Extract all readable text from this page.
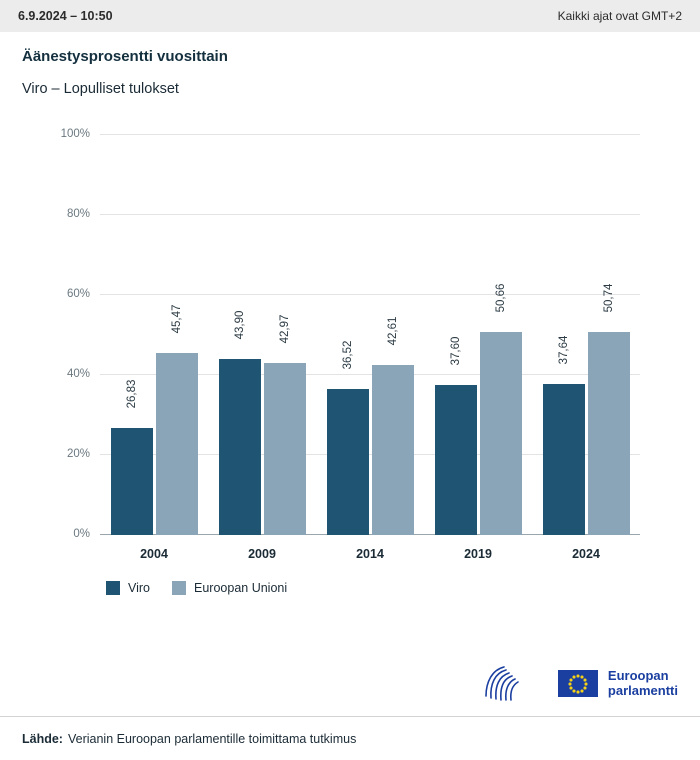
6.9.2024 – 10:50	Kaikki ajat ovat GMT+2
Äänestysprosentti vuosittain
Viro – Lopulliset tulokset
0%
20%
40%
60%
80%
100%
26,83
45,47	43,90	42,97
36,52
42,61
37,60
50,66
37,64
50,74
2004	2009	2014	2019	2024
Viro	Euroopan Unioni
Euroopan
parlamentti
Lähde: Verianin Euroopan parlamentille toimittama tutkimus
